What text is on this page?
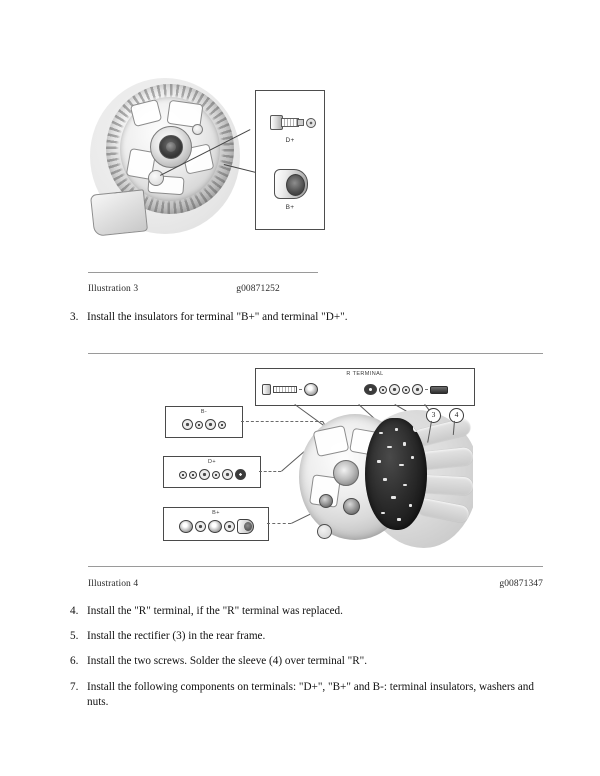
D+
B+
Illustration 3	g00871252
3. Install the insulators for terminal "B+" and terminal "D+".
R TERMINAL
B-
D+
B+
3	4
Illustration 4	g00871347
4. Install the "R" terminal, if the "R" terminal was replaced.
5. Install the rectifier (3) in the rear frame.
6. Install the two screws. Solder the sleeve (4) over terminal "R".
7. Install the following components on terminals: "D+", "B+" and B-: terminal insulators, washers and nuts.
